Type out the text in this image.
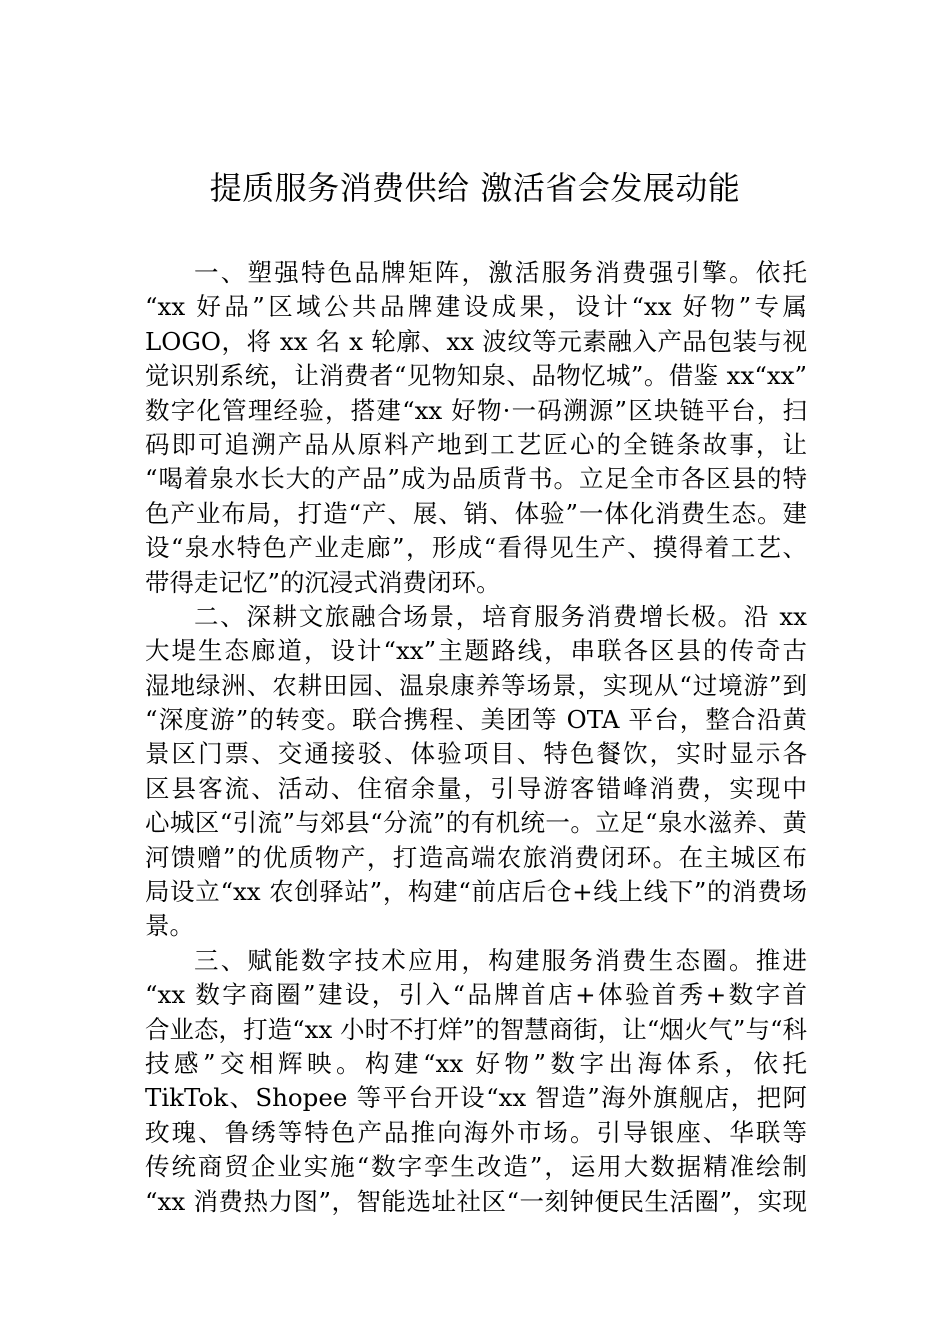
提质服务消费供给 激活省会发展动能
一、塑强特色品牌矩阵，激活服务消费强引擎。依托
“xx 好品”区域公共品牌建设成果，设计“xx 好物”专属
LOGO，将 xx 名 x 轮廓、xx 波纹等元素融入产品包装与视
觉识别系统，让消费者“见物知泉、品物忆城”。借鉴 xx“xx”
数字化管理经验，搭建“xx 好物·一码溯源”区块链平台，扫
码即可追溯产品从原料产地到工艺匠心的全链条故事，让
“喝着泉水长大的产品”成为品质背书。立足全市各区县的特
色产业布局，打造“产、展、销、体验”一体化消费生态。建
设“泉水特色产业走廊”，形成“看得见生产、摸得着工艺、
带得走记忆”的沉浸式消费闭环。
二、深耕文旅融合场景，培育服务消费增长极。沿 xx
大堤生态廊道，设计“xx”主题路线，串联各区县的传奇古
湿地绿洲、农耕田园、温泉康养等场景，实现从“过境游”到
“深度游”的转变。联合携程、美团等 OTA 平台，整合沿黄
景区门票、交通接驳、体验项目、特色餐饮，实时显示各
区县客流、活动、住宿余量，引导游客错峰消费，实现中
心城区“引流”与郊县“分流”的有机统一。立足“泉水滋养、黄
河馈赠”的优质物产，打造高端农旅消费闭环。在主城区布
局设立“xx 农创驿站”，构建“前店后仓+线上线下”的消费场
景。
三、赋能数字技术应用，构建服务消费生态圈。推进
“xx 数字商圈”建设，引入“品牌首店+体验首秀+数字首
合业态，打造“xx 小时不打烊”的智慧商街，让“烟火气”与“科
技感”交相辉映。构建“xx 好物”数字出海体系，依托
TikTok、Shopee 等平台开设“xx 智造”海外旗舰店，把阿
玫瑰、鲁绣等特色产品推向海外市场。引导银座、华联等
传统商贸企业实施“数字孪生改造”，运用大数据精准绘制
“xx 消费热力图”，智能选址社区“一刻钟便民生活圈”，实现
